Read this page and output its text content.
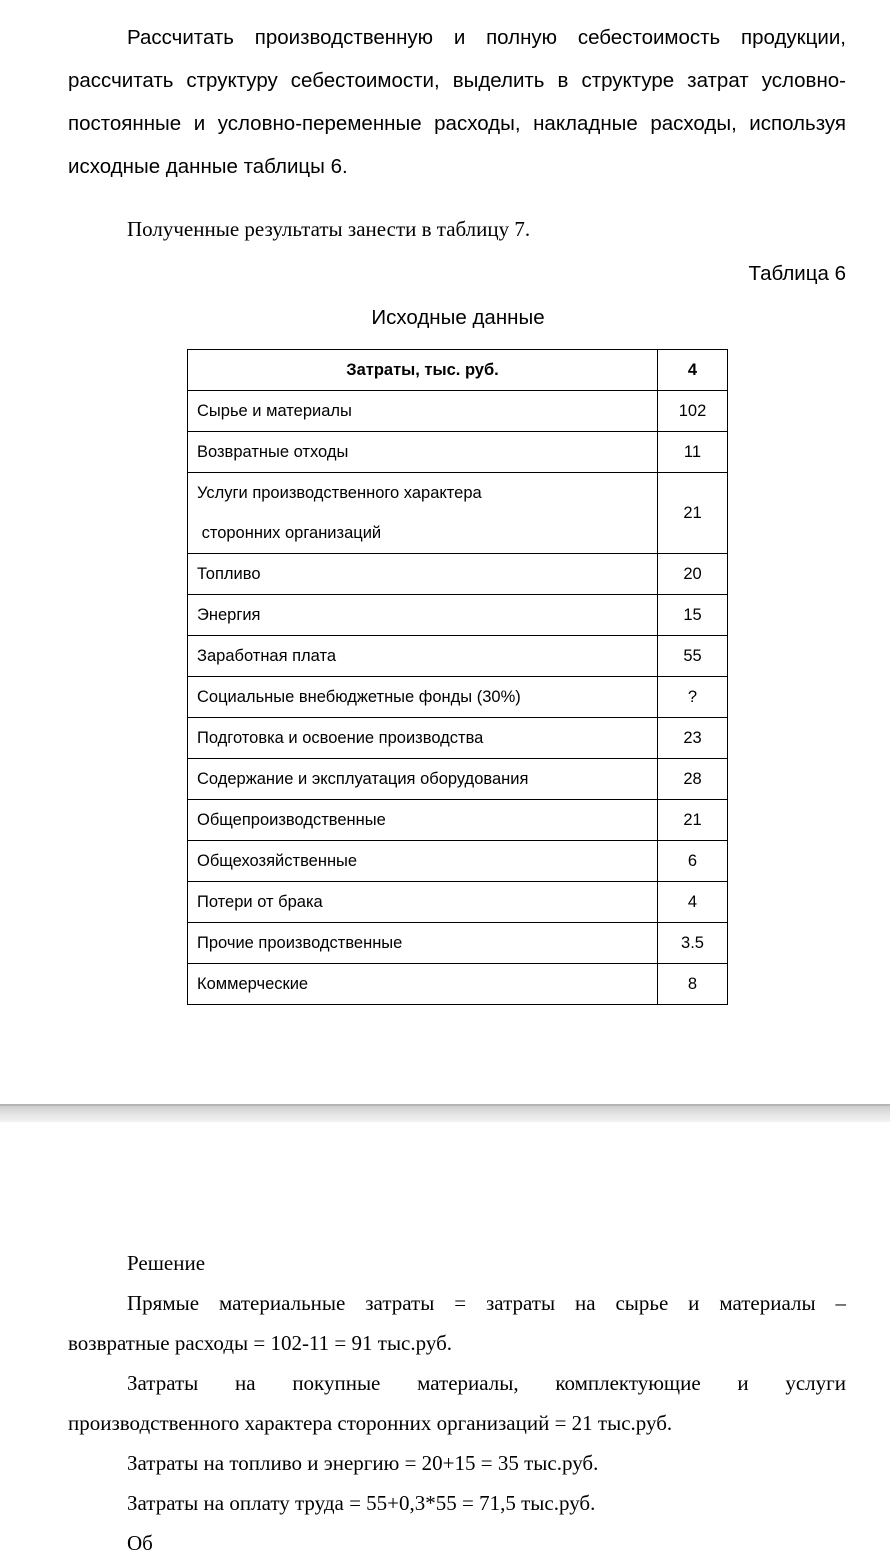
Рассчитать производственную и полную себестоимость продукции,
рассчитать структуру себестоимости, выделить в структуре затрат условно-
постоянные и условно-переменные расходы, накладные расходы, используя
исходные данные таблицы 6.
Полученные результаты занести в таблицу 7.
Таблица 6
Исходные данные
Затраты, тыс. руб.	4
Сырье и материалы	102
Возвратные отходы	11

Услуги производственного характера
сторонних организаций	21
Топливо	20
Энергия	15
Заработная плата	55
Социальные внебюджетные фонды (30%)	?
Подготовка и освоение производства	23
Содержание и эксплуатация оборудования	28
Общепроизводственные	21
Общехозяйственные	6
Потери от брака	4
Прочие производственные	3.5
Коммерческие	8
Решение
Прямые материальные затраты = затраты на сырье и материалы –
возвратные расходы = 102-11 = 91 тыс.руб.
Затраты на покупные материалы, комплектующие и услуги
производственного характера сторонних организаций = 21 тыс.руб.
Затраты на топливо и энергию = 20+15 = 35 тыс.руб.
Затраты на оплату труда = 55+0,3*55 = 71,5 тыс.руб.
Об
